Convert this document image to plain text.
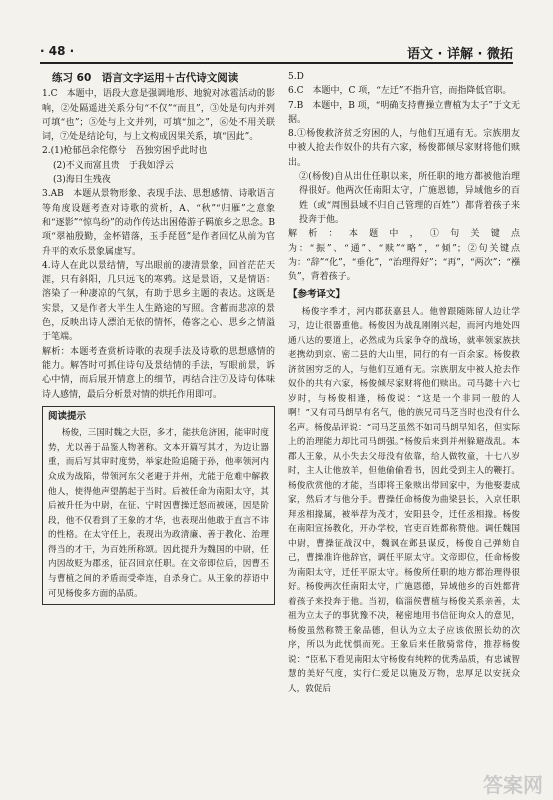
· 48 ·	语文 · 详解 · 微拓
练习 60　语言文字运用＋古代诗文阅读

1.C　本题中，语段大意是强调地形、地貌对冰雹活动的影响，②处隔遥进关系分句“不仅”“而且”，③处是句内并列可填“也”；⑤处与上文并列，可填“加之”，⑥处不用关联词，⑦处是结论句，与上文构成因果关系，填“因此”。

2.(1)枪郁邑余侘傺兮　吾独穷困乎此时也

(2)不义而富且贵　于我如浮云

(3)海日生残夜

3.AB　本题从景物形象、表现手法、思想感情、诗歌语言等角度设题考查对诗歌的赏析，A、“秋”“归雁”之意象和“逐影”“惊鸟纷”的动作传达出困倦游子羁旅乡之思念。B 项“翠袖殷勤，金杯错落，玉手琵琶”是作者回忆从前为官升平的欢乐景象属虚写。

4.诗人在此以景结情，写出眼前的凄清景象，回首茫茫天涯，只有斜阳，几只远飞的寒鸦。这是景语，又是情语：溶染了一种凄凉的气氛，有助于思乡主题的表达。这既是实景，又是作者大半生人生路途的写照。含蓄而悲凉的景色，反映出诗人漂泊无依的情怀，倦客之心、思乡之情溢于笔端。

解析：本题考查赏析诗歌的表现手法及诗歌的思想感情的能力。解答时可抓住诗句及景结情的手法，写眼前景，诉心中情，而后展开情意上的细节，再结合注⑦及诗句体味诗人感情，最后分析景对情的烘托作用即可。

阅读提示
杨俊，三国时魏之大臣，多才，能扶危济困，能审时度势，尤以善于品鉴人物著称。文本开篇写其才，为边让器重，而后写其审时度势，举家赴险追随于孙，他率领河内众成为战陷，带领河东父老避于并州，尤能于危难中解救他人，使得他声望鹊起于当时。后被任命为南阳太守，其后被升任为中尉，在征、宁时因曹操迁怒而被诬，因是阶段，他不仅看到了王象的才华，也表现出他敢于直言不讳的性格。在太守任上，表现出为政清廉、善于教化、治理得当的才干，为百姓所称颂。因此提升为魏国的中尉，任内因故贬为郡丞，征召回京任职。在文帝即位后，因曹丕与曹植之间的矛盾而受牵连，自杀身亡。从王象的荐语中可见杨俊多方面的品质。

5.D

6.C　本题中，C 项，“左迁”不指升官，而指降低官职。

7.B　本题中，B 项，“明确支持曹操立曹植为太子”于文无据。

8.①杨俊救济贫乏穷困的人，与他们互通有无。宗族朋友中被人抢去作奴仆的共有六家，杨俊都倾尽家财将他们赎出。

②(杨俊)自从出仕任职以来，所任职的地方都被他治理得很好。他两次任南阳太守，广施恩德，异域他乡的百姓（或“周围县域不归自己管理的百姓”）都背着孩子来投奔于他。

解析：本题中，①句关键点为：“振”、“通”、“赎”“略”，“倾”；②句关键点为：“辞”“化”，“垂化”，“治理得好”；“再”，“两次”；“襁负”，背着孩子。

【参考译文】

杨俊字季才，河内郡获嘉县人。他曾跟随陈留人边让学习，边让很器重他。杨俊因为战乱刚刚兴起，而河内地处四通八达的要道上，必然成为兵家争夺的战场，就率领家族扶老携幼到京、密二县的大山里，同行的有一百余家。杨俊救济贫困穷乏的人，与他们互通有无。宗族朋友中被人抢去作奴仆的共有六家，杨俊倾尽家财将他们赎出。司马懿十六七岁时，与杨俊相逢，杨俊说：“这是一个非同一般的人啊！”又有司马朗早有名气，他的族兄司马芝当时也没有什么名声。杨俊品评说：“司马芝虽然不如司马朗早知名，但实际上的治理能力却比司马朗强。”杨俊后来到并州躲避战乱。本郡人王象，从小失去父母没有依靠，给人做牧童，十七八岁时，主人让他放羊，但他偷偷看书，因此受到主人的鞭打。杨俊欣赏他的才能，当即将王象赎出带回家中，为他娶妻成家，然后才与他分手。曹操任命杨俊为曲梁县长，入京任职拜丞相掾属，被举荐为茂才，安阳县令，迁任丞相掾。杨俊在南阳宣扬教化，开办学校，官吏百姓都称赞他。调任魏国中尉，曹操征战汉中，魏讽在邺县谋反，杨俊自己弹劾自己，曹操准许他辞官，调任平原太守。文帝即位，任命杨俊为南阳太守，迁任平原太守。杨俊所任职的地方都治理得很好。杨俊两次任南阳太守，广施恩德，异域他乡的百姓都背着孩子来投奔于他。当初，临淄侯曹植与杨俊关系亲善，太祖为立太子的事犹豫不决，秘密地用书信征询众人的意见，杨俊虽然称赞王象品德，但认为立太子应该依照长幼的次序，所以为此忧惧而死。王象后来任散骑常侍，推荐杨俊说：“臣私下看见南阳太守杨俊有纯粹的优秀品质，有忠诚智慧的美好气度，实行仁爱足以施及万物，忠厚足以安抚众人，敦促后

答案网
